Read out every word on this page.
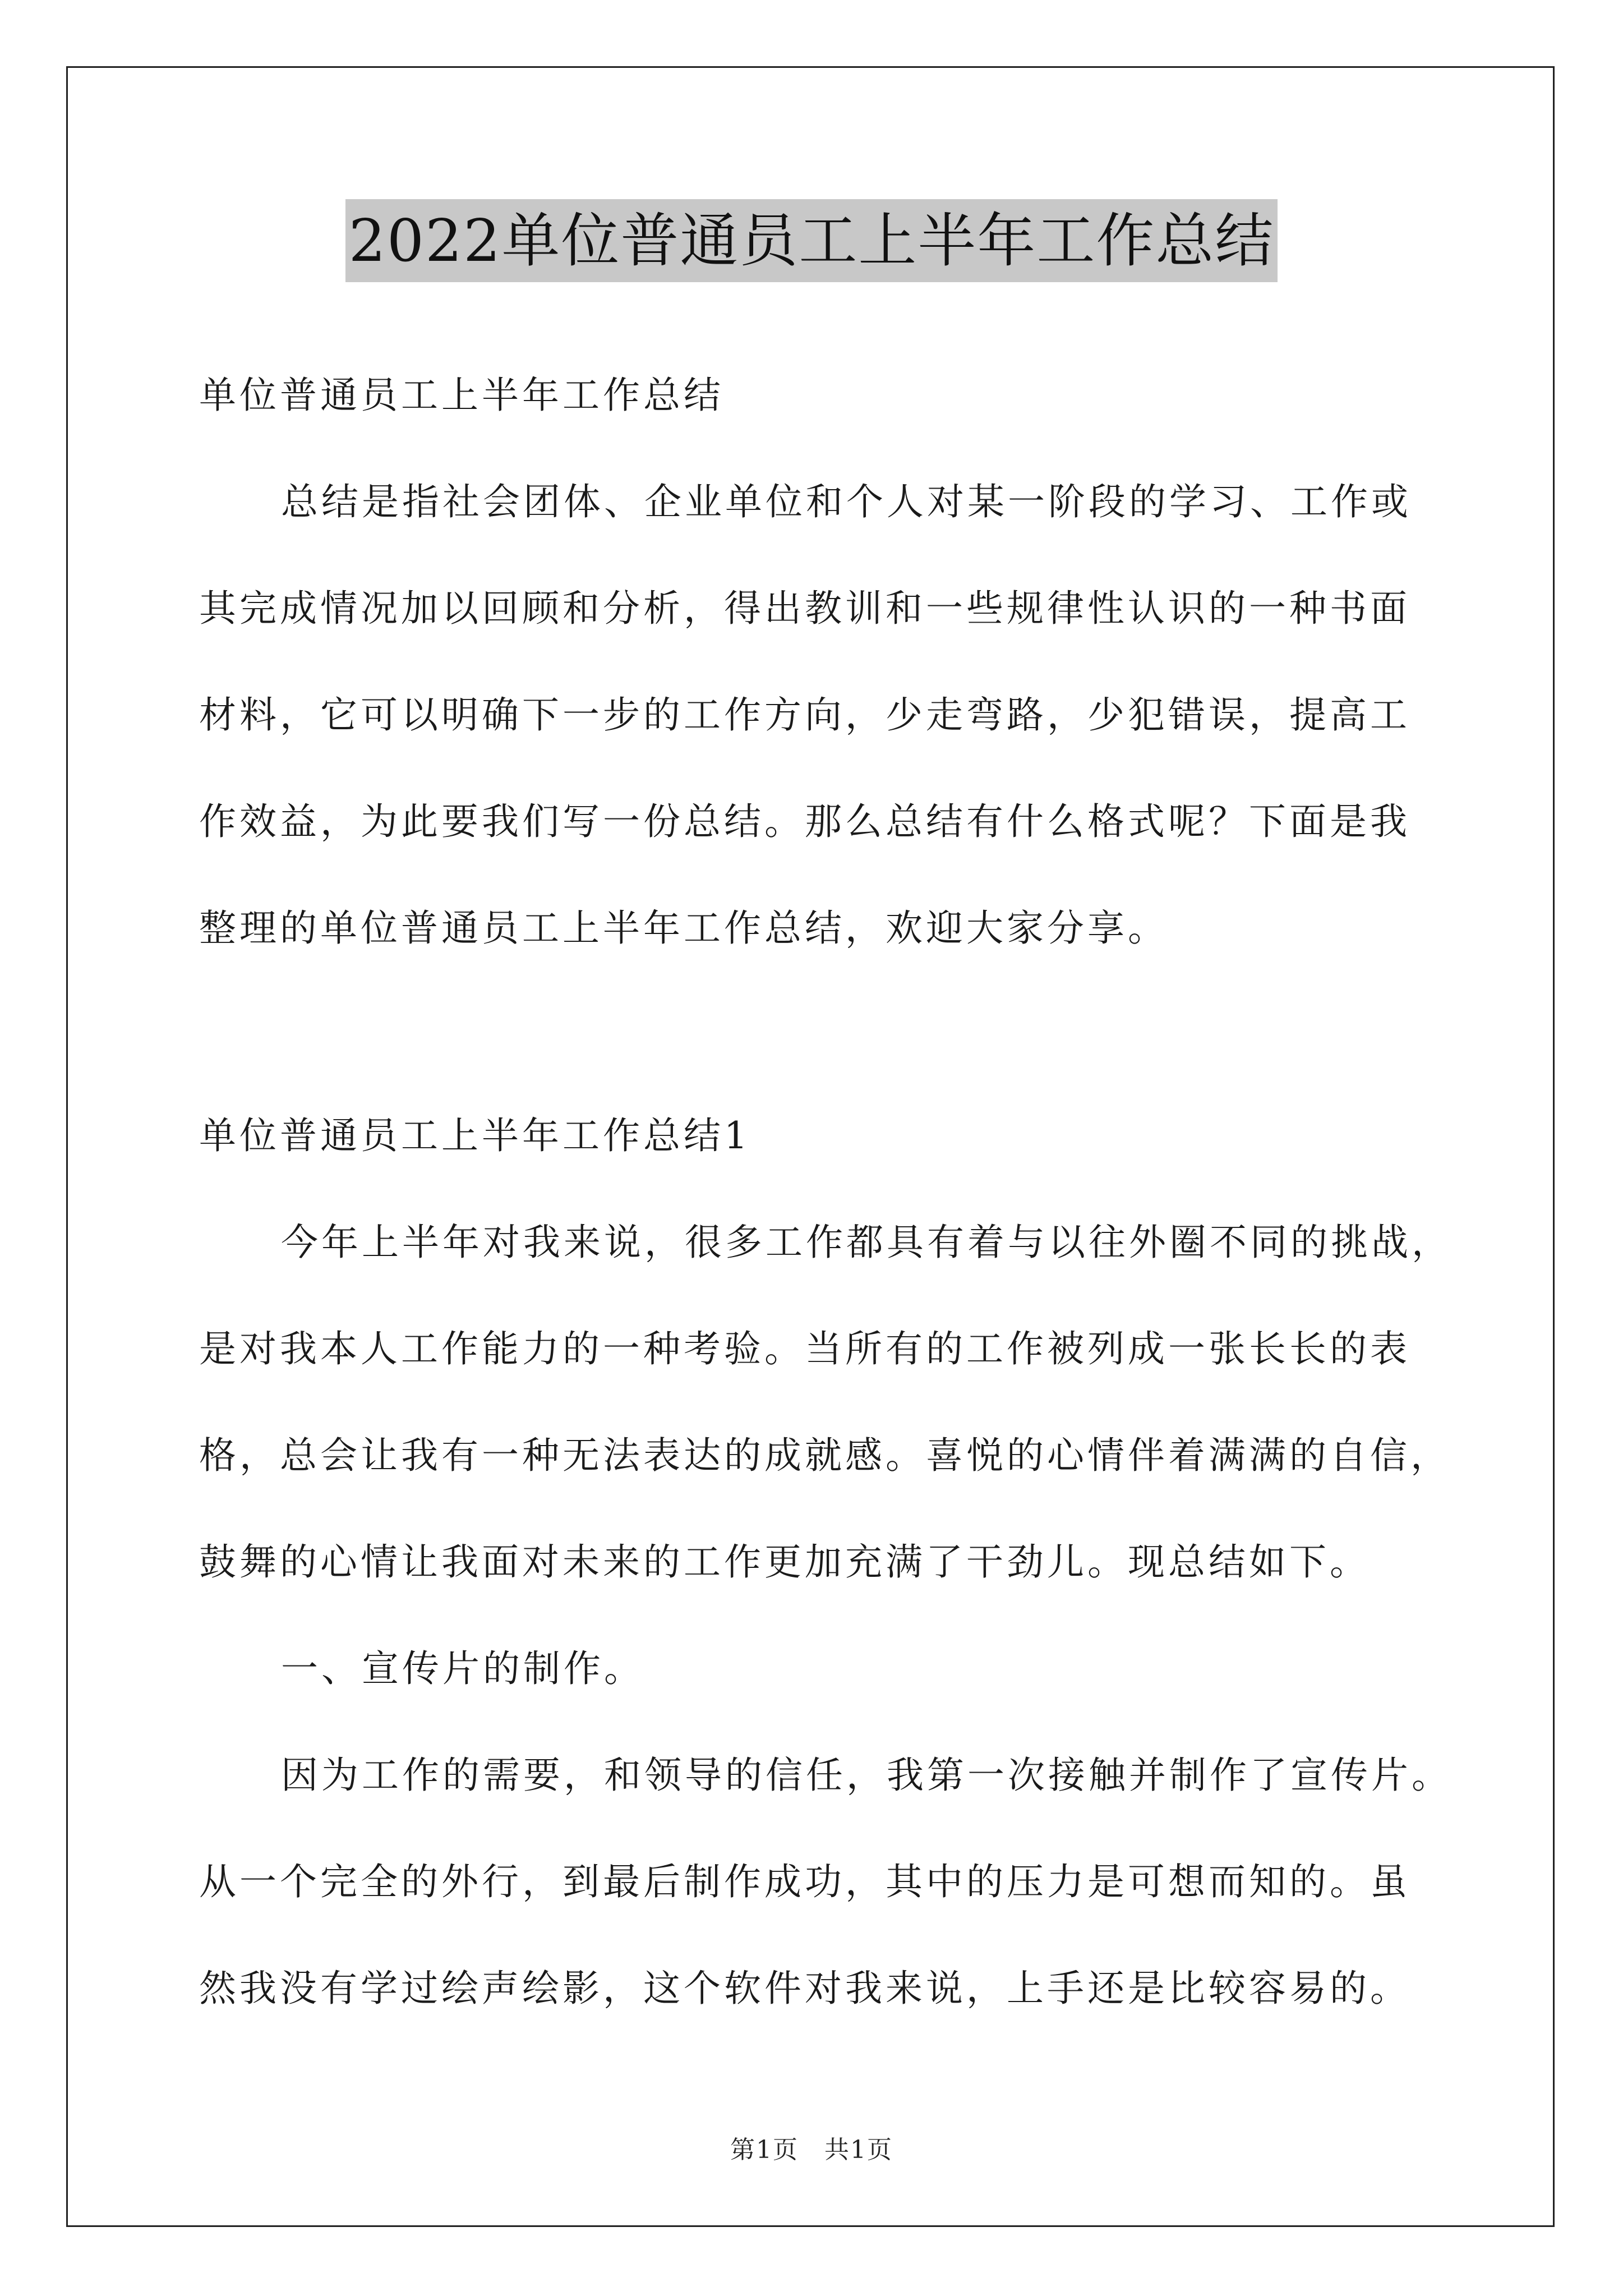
2022单位普通员工上半年工作总结
单位普通员工上半年工作总结
总结是指社会团体、企业单位和个人对某一阶段的学习、工作或
其完成情况加以回顾和分析，得出教训和一些规律性认识的一种书面
材料，它可以明确下一步的工作方向，少走弯路，少犯错误，提高工
作效益，为此要我们写一份总结。那么总结有什么格式呢？下面是我
整理的单位普通员工上半年工作总结，欢迎大家分享。
单位普通员工上半年工作总结1
今年上半年对我来说，很多工作都具有着与以往外圈不同的挑战，
是对我本人工作能力的一种考验。当所有的工作被列成一张长长的表
格，总会让我有一种无法表达的成就感。喜悦的心情伴着满满的自信，
鼓舞的心情让我面对未来的工作更加充满了干劲儿。现总结如下。
一、宣传片的制作。
因为工作的需要，和领导的信任，我第一次接触并制作了宣传片。
从一个完全的外行，到最后制作成功，其中的压力是可想而知的。虽
然我没有学过绘声绘影，这个软件对我来说，上手还是比较容易的。
第1页　共1页
